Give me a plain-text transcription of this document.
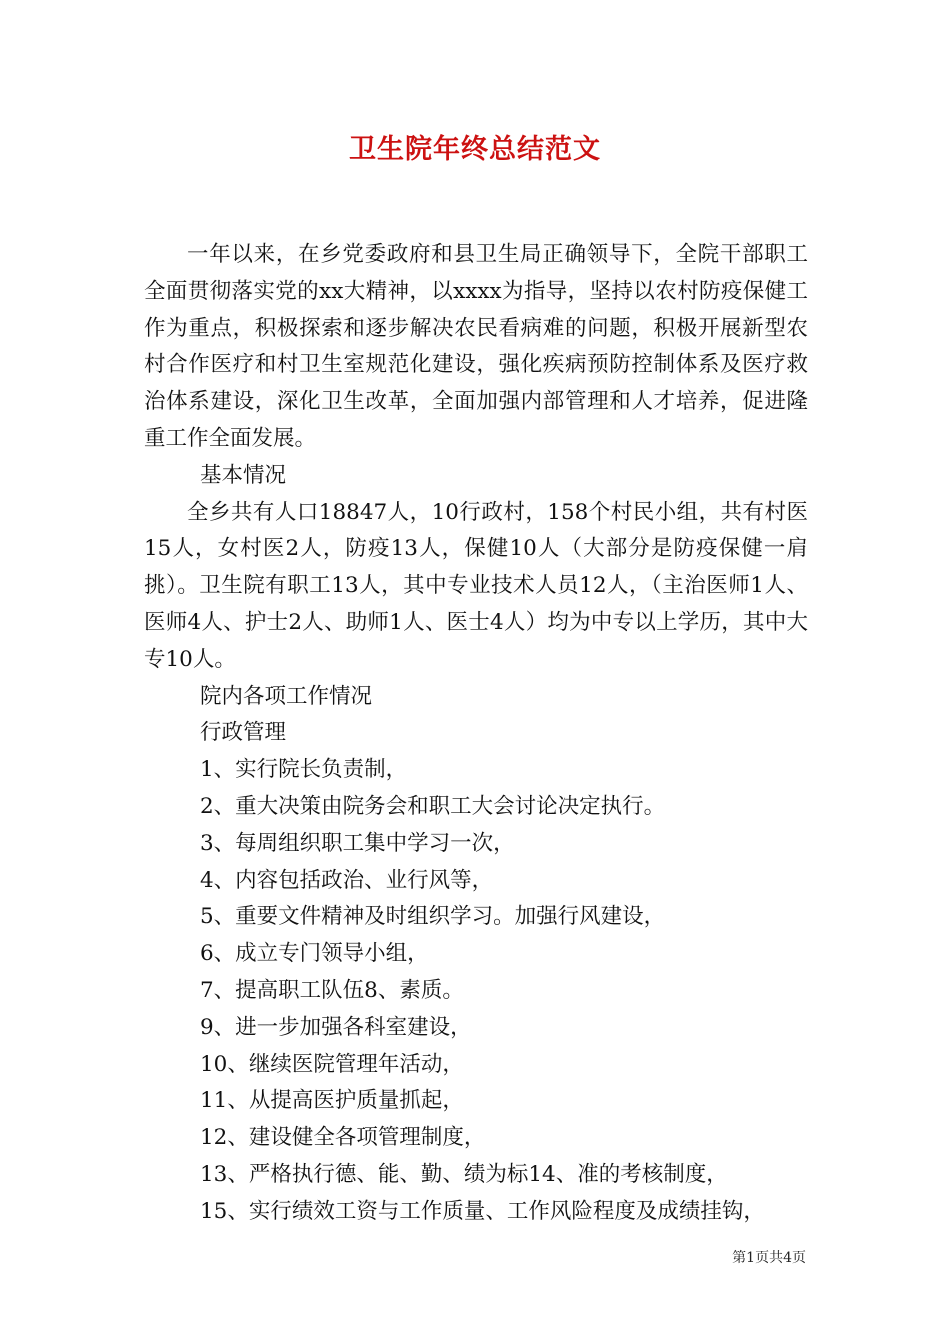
卫生院年终总结范文

一年以来，在乡党委政府和县卫生局正确领导下，全院干部职工全面贯彻落实党的xx大精神，以xxxx为指导，坚持以农村防疫保健工作为重点，积极探索和逐步解决农民看病难的问题，积极开展新型农村合作医疗和村卫生室规范化建设，强化疾病预防控制体系及医疗救治体系建设，深化卫生改革，全面加强内部管理和人才培养，促进隆重工作全面发展。

基本情况

全乡共有人口18847人，10行政村，158个村民小组，共有村医15人，女村医2人，防疫13人，保健10人（大部分是防疫保健一肩挑）。卫生院有职工13人，其中专业技术人员12人，（主治医师1人、医师4人、护士2人、助师1人、医士4人）均为中专以上学历，其中大专10人。

院内各项工作情况

行政管理

1、实行院长负责制，

2、重大决策由院务会和职工大会讨论决定执行。

3、每周组织职工集中学习一次，

4、内容包括政治、业行风等，

5、重要文件精神及时组织学习。加强行风建设，

6、成立专门领导小组，

7、提高职工队伍8、素质。

9、进一步加强各科室建设，

10、继续医院管理年活动，

11、从提高医护质量抓起，

12、建设健全各项管理制度，

13、严格执行德、能、勤、绩为标14、准的考核制度，

15、实行绩效工资与工作质量、工作风险程度及成绩挂钩，

第1页共4页
